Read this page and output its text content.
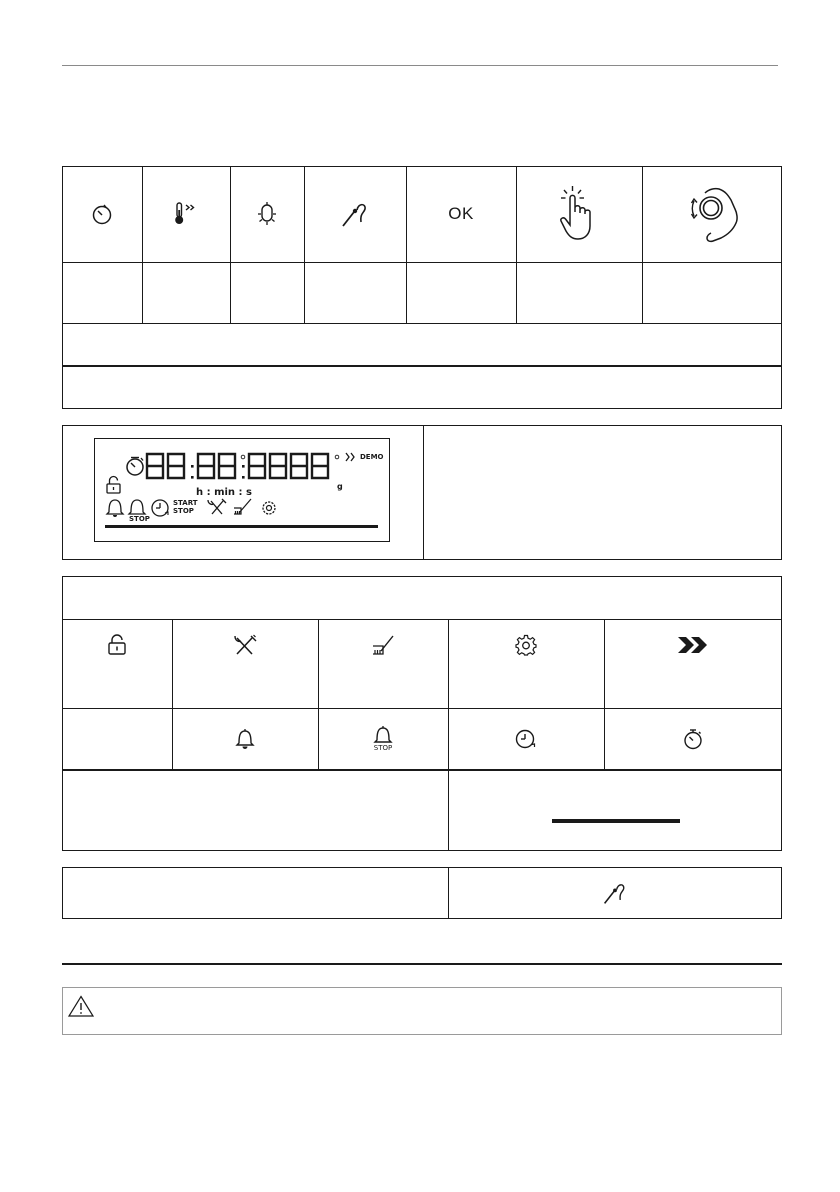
OK
DEMO
g
h : min : s
START
STOP
STOP
STOP
